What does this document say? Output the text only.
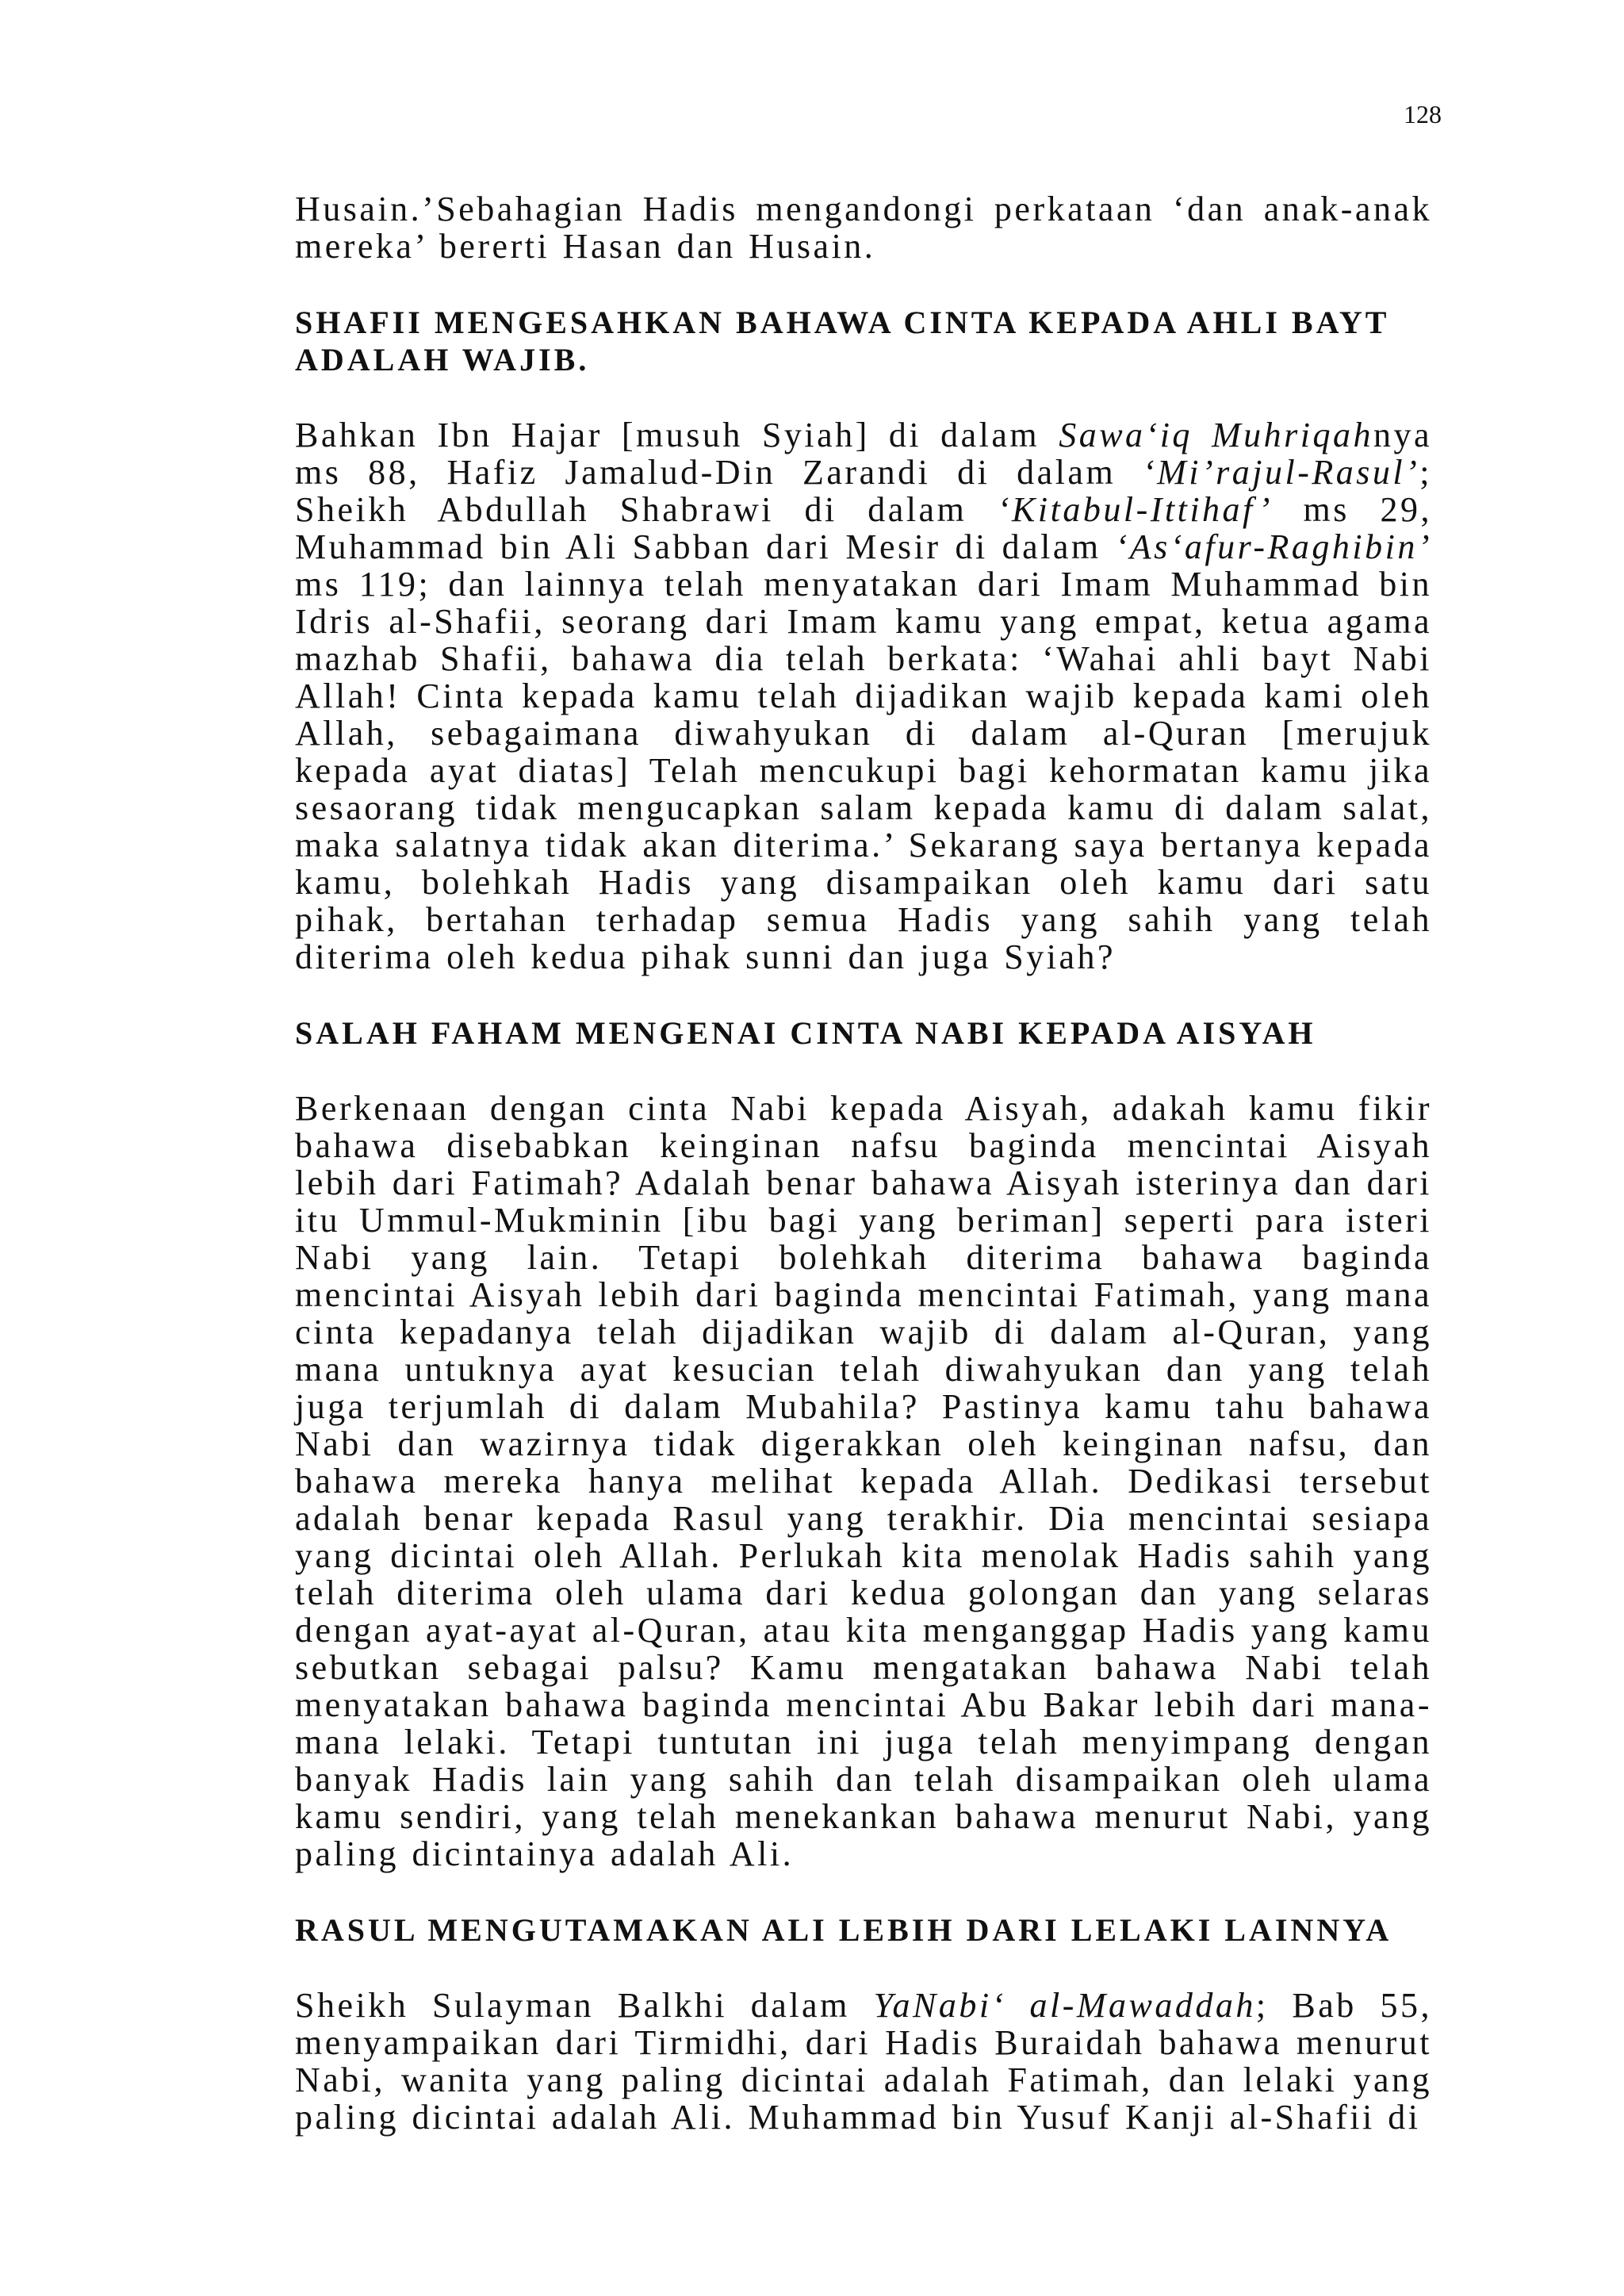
128

Husain.’Sebahagian Hadis mengandongi perkataan ‘dan anak-anak mereka’ bererti Hasan dan Husain.

SHAFII MENGESAHKAN BAHAWA CINTA KEPADA AHLI BAYT ADALAH WAJIB.

Bahkan Ibn Hajar [musuh Syiah] di dalam Sawa‘iq Muhriqahnya ms 88, Hafiz Jamalud-Din Zarandi di dalam ‘Mi’rajul-Rasul’; Sheikh Abdullah Shabrawi di dalam ‘Kitabul-Ittihaf’ ms 29, Muhammad bin Ali Sabban dari Mesir di dalam ‘As‘afur-Raghibin’ ms 119; dan lainnya telah menyatakan dari Imam Muhammad bin Idris al-Shafii, seorang dari Imam kamu yang empat, ketua agama mazhab Shafii, bahawa dia telah berkata: ‘Wahai ahli bayt Nabi Allah! Cinta kepada kamu telah dijadikan wajib kepada kami oleh Allah, sebagaimana diwahyukan di dalam al-Quran [merujuk kepada ayat diatas] Telah mencukupi bagi kehormatan kamu jika sesaorang tidak mengucapkan salam kepada kamu di dalam salat, maka salatnya tidak akan diterima.’ Sekarang saya bertanya kepada kamu, bolehkah Hadis yang disampaikan oleh kamu dari satu pihak, bertahan terhadap semua Hadis yang sahih yang telah diterima oleh kedua pihak sunni dan juga Syiah?

SALAH FAHAM MENGENAI CINTA NABI KEPADA AISYAH

Berkenaan dengan cinta Nabi kepada Aisyah, adakah kamu fikir bahawa disebabkan keinginan nafsu baginda mencintai Aisyah lebih dari Fatimah? Adalah benar bahawa Aisyah isterinya dan dari itu Ummul-Mukminin [ibu bagi yang beriman] seperti para isteri Nabi yang lain. Tetapi bolehkah diterima bahawa baginda mencintai Aisyah lebih dari baginda mencintai Fatimah, yang mana cinta kepadanya telah dijadikan wajib di dalam al-Quran, yang mana untuknya ayat kesucian telah diwahyukan dan yang telah juga terjumlah di dalam Mubahila? Pastinya kamu tahu bahawa Nabi dan wazirnya tidak digerakkan oleh keinginan nafsu, dan bahawa mereka hanya melihat kepada Allah. Dedikasi tersebut adalah benar kepada Rasul yang terakhir. Dia mencintai sesiapa yang dicintai oleh Allah. Perlukah kita menolak Hadis sahih yang telah diterima oleh ulama dari kedua golongan dan yang selaras dengan ayat-ayat al-Quran, atau kita menganggap Hadis yang kamu sebutkan sebagai palsu? Kamu mengatakan bahawa Nabi telah menyatakan bahawa baginda mencintai Abu Bakar lebih dari mana-mana lelaki. Tetapi tuntutan ini juga telah menyimpang dengan banyak Hadis lain yang sahih dan telah disampaikan oleh ulama kamu sendiri, yang telah menekankan bahawa menurut Nabi, yang paling dicintainya adalah Ali.

RASUL MENGUTAMAKAN ALI LEBIH DARI LELAKI LAINNYA

Sheikh Sulayman Balkhi dalam YaNabi‘ al-Mawaddah; Bab 55, menyampaikan dari Tirmidhi, dari Hadis Buraidah bahawa menurut Nabi, wanita yang paling dicintai adalah Fatimah, dan lelaki yang paling dicintai adalah Ali. Muhammad bin Yusuf Kanji al-Shafii di
